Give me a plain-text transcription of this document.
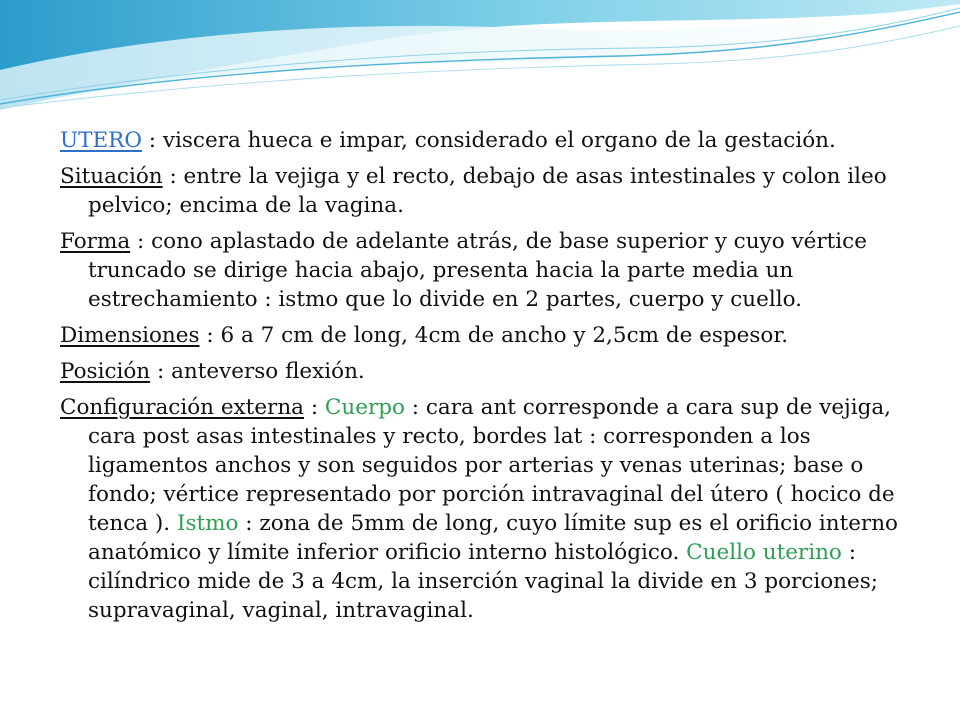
UTERO : viscera hueca e impar, considerado el organo de la gestación.

Situación : entre la vejiga y el recto, debajo de asas intestinales y colon ileo pelvico; encima de la vagina.

Forma : cono aplastado de adelante atrás, de base superior y cuyo vértice truncado se dirige hacia abajo, presenta hacia la parte media un estrechamiento : istmo que lo divide en 2 partes, cuerpo y cuello.

Dimensiones : 6 a 7 cm de long, 4cm de ancho y 2,5cm de espesor.

Posición : anteverso flexión.

Configuración externa : Cuerpo : cara ant corresponde a cara sup de vejiga, cara post asas intestinales y recto, bordes lat : corresponden a los ligamentos anchos y son seguidos por arterias y venas uterinas; base o fondo; vértice representado por porción intravaginal del útero ( hocico de tenca ). Istmo : zona de 5mm de long, cuyo límite sup es el orificio interno anatómico y límite inferior orificio interno histológico. Cuello uterino : cilíndrico mide de 3 a 4cm, la inserción vaginal la divide en 3 porciones; supravaginal, vaginal, intravaginal.
